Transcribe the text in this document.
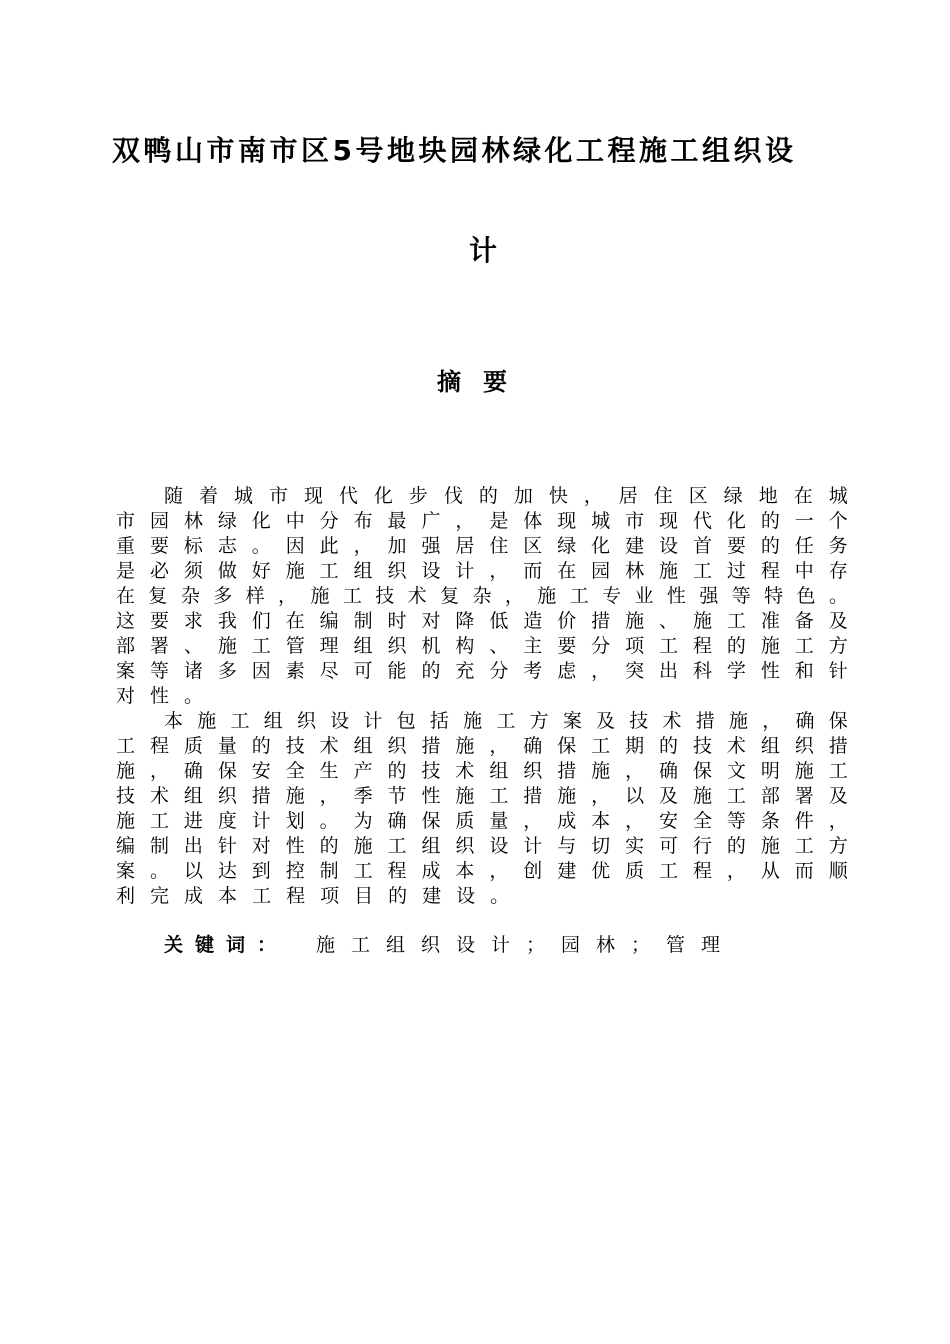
双鸭山市南市区5号地块园林绿化工程施工组织设
计
摘要
随 着 城 市 现 代 化 步 伐 的 加 快 ， 居 住 区 绿 地 在 城
市 园 林 绿 化 中 分 布 最 广 ， 是 体 现 城 市 现 代 化 的 一 个
重 要 标 志 。 因 此 ， 加 强 居 住 区 绿 化 建 设 首 要 的 任 务
是 必 须 做 好 施 工 组 织 设 计 ， 而 在 园 林 施 工 过 程 中 存
在 复 杂 多 样 ， 施 工 技 术 复 杂 ， 施 工 专 业 性 强 等 特 色 。
这 要 求 我 们 在 编 制 时 对 降 低 造 价 措 施 、 施 工 准 备 及
部 署 、 施 工 管 理 组 织 机 构 、 主 要 分 项 工 程 的 施 工 方
案 等 诸 多 因 素 尽 可 能 的 充 分 考 虑 ， 突 出 科 学 性 和 针
对 性 。
本 施 工 组 织 设 计 包 括 施 工 方 案 及 技 术 措 施 ， 确 保
工 程 质 量 的 技 术 组 织 措 施 ， 确 保 工 期 的 技 术 组 织 措
施 ， 确 保 安 全 生 产 的 技 术 组 织 措 施 ， 确 保 文 明 施 工
技 术 组 织 措 施 ， 季 节 性 施 工 措 施 ， 以 及 施 工 部 署 及
施 工 进 度 计 划 。 为 确 保 质 量 ， 成 本 ， 安 全 等 条 件 ，
编 制 出 针 对 性 的 施 工 组 织 设 计 与 切 实 可 行 的 施 工 方
案 。 以 达 到 控 制 工 程 成 本 ， 创 建 优 质 工 程 ， 从 而 顺
利 完 成 本 工 程 项 目 的 建 设 。
关键词： 施工组织设计；园林；管理
